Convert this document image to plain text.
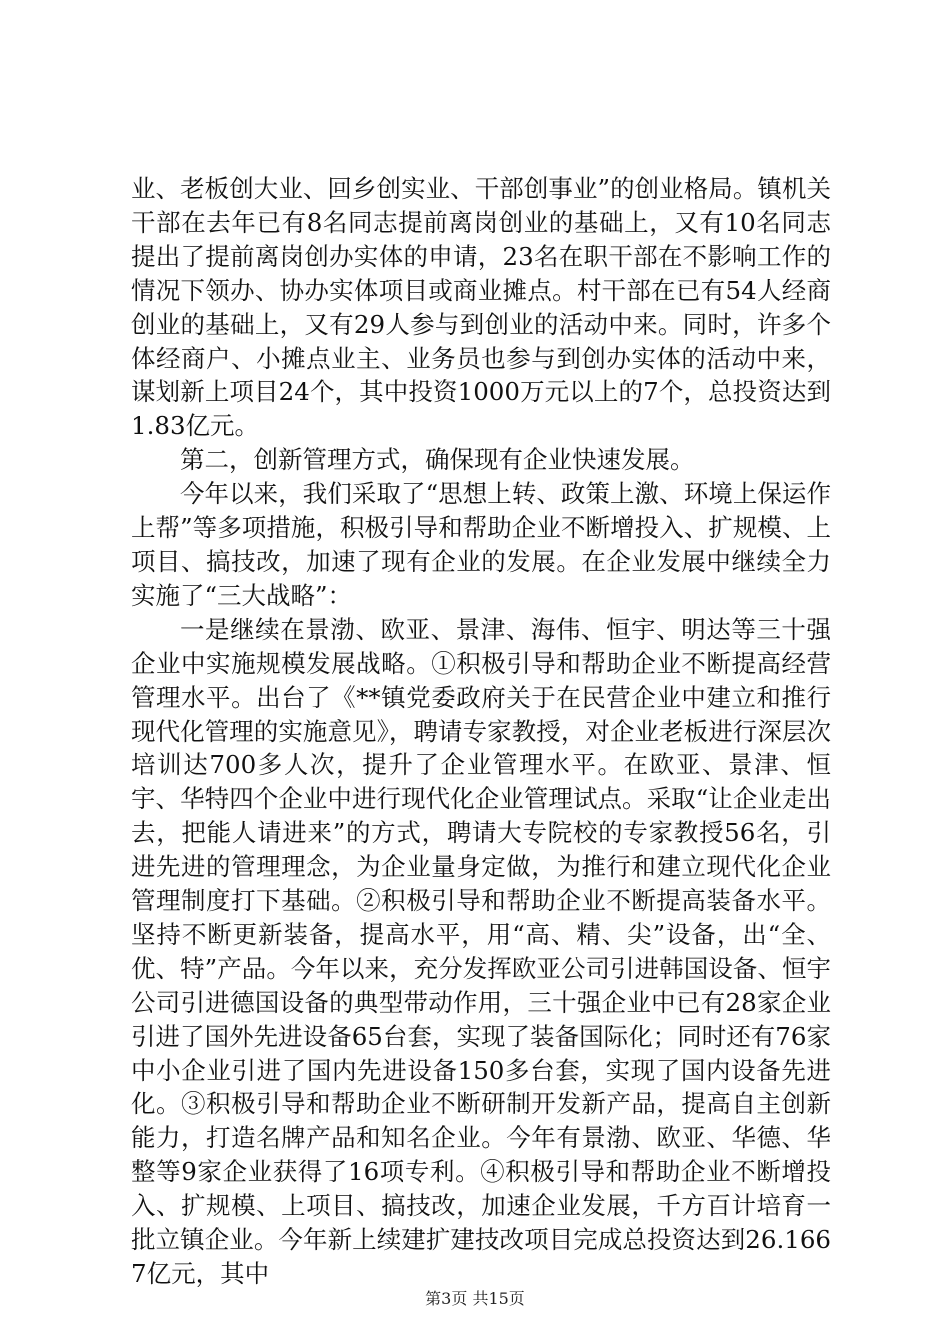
业、老板创大业、回乡创实业、干部创事业”的创业格局。镇机关干部在去年已有8名同志提前离岗创业的基础上，又有10名同志提出了提前离岗创办实体的申请，23名在职干部在不影响工作的情况下领办、协办实体项目或商业摊点。村干部在已有54人经商创业的基础上，又有29人参与到创业的活动中来。同时，许多个体经商户、小摊点业主、业务员也参与到创办实体的活动中来，谋划新上项目24个，其中投资1000万元以上的7个，总投资达到1.83亿元。

第二，创新管理方式，确保现有企业快速发展。

今年以来，我们采取了“思想上转、政策上激、环境上保运作上帮”等多项措施，积极引导和帮助企业不断增投入、扩规模、上项目、搞技改，加速了现有企业的发展。在企业发展中继续全力实施了“三大战略”：

一是继续在景渤、欧亚、景津、海伟、恒宇、明达等三十强企业中实施规模发展战略。①积极引导和帮助企业不断提高经营管理水平。出台了《**镇党委政府关于在民营企业中建立和推行现代化管理的实施意见》，聘请专家教授，对企业老板进行深层次培训达700多人次，提升了企业管理水平。在欧亚、景津、恒宇、华特四个企业中进行现代化企业管理试点。采取“让企业走出去，把能人请进来”的方式，聘请大专院校的专家教授56名，引进先进的管理理念，为企业量身定做，为推行和建立现代化企业管理制度打下基础。②积极引导和帮助企业不断提高装备水平。坚持不断更新装备，提高水平，用“高、精、尖”设备，出“全、优、特”产品。今年以来，充分发挥欧亚公司引进韩国设备、恒宇公司引进德国设备的典型带动作用，三十强企业中已有28家企业引进了国外先进设备65台套，实现了装备国际化；同时还有76家中小企业引进了国内先进设备150多台套，实现了国内设备先进化。③积极引导和帮助企业不断研制开发新产品，提高自主创新能力，打造名牌产品和知名企业。今年有景渤、欧亚、华德、华整等9家企业获得了16项专利。④积极引导和帮助企业不断增投入、扩规模、上项目、搞技改，加速企业发展，千方百计培育一批立镇企业。今年新上续建扩建技改项目完成总投资达到26.1667亿元，其中

第3页 共15页
